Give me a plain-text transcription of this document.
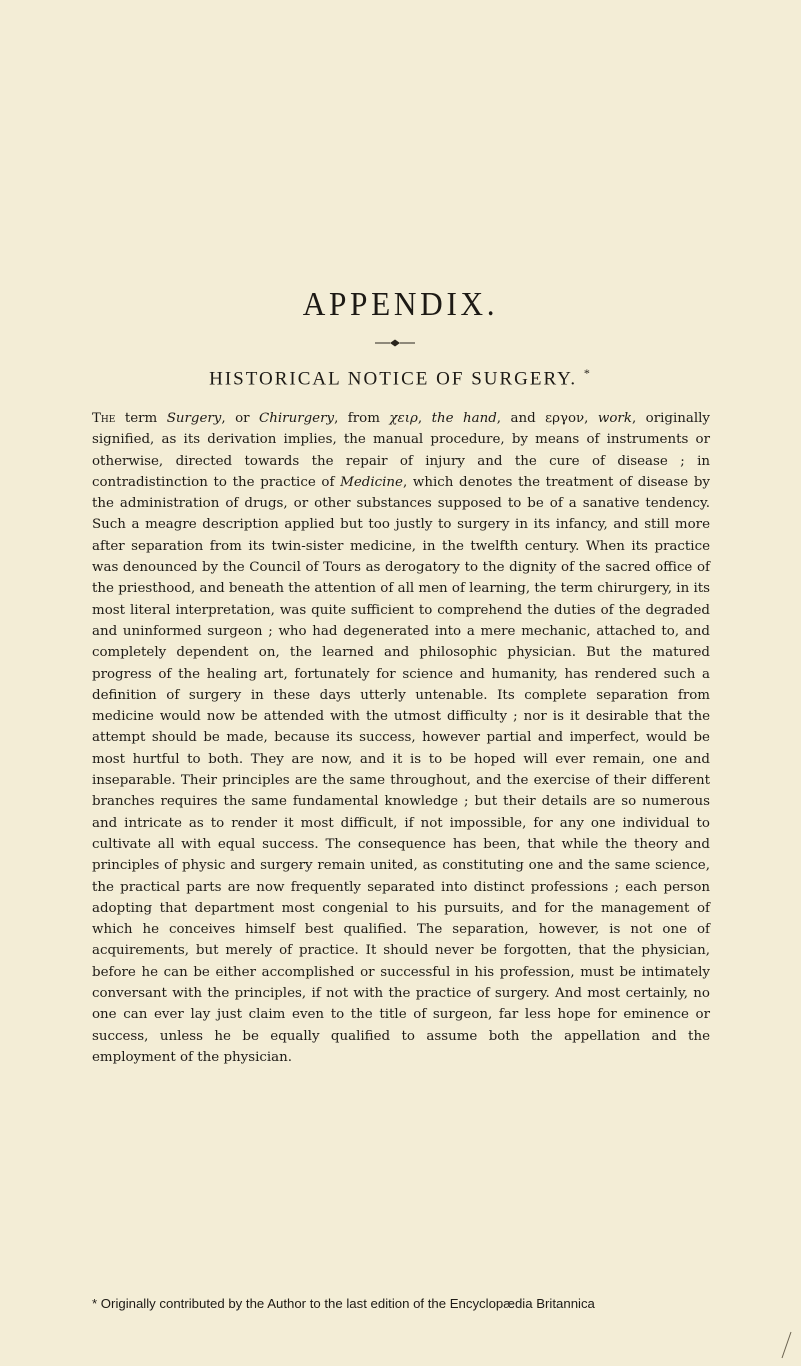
APPENDIX.
HISTORICAL NOTICE OF SURGERY. *

The term Surgery, or Chirurgery, from χειρ, the hand, and εργον, work, originally signified, as its derivation implies, the manual procedure, by means of instruments or otherwise, directed towards the repair of injury and the cure of disease ; in contradistinction to the practice of Medicine, which denotes the treatment of disease by the administration of drugs, or other substances supposed to be of a sanative tendency. Such a meagre description applied but too justly to surgery in its infancy, and still more after separation from its twin-sister medicine, in the twelfth century. When its practice was denounced by the Council of Tours as derogatory to the dignity of the sacred office of the priesthood, and beneath the attention of all men of learning, the term chirurgery, in its most literal interpretation, was quite sufficient to comprehend the duties of the degraded and uninformed surgeon ; who had degenerated into a mere mechanic, attached to, and completely dependent on, the learned and philosophic physician. But the matured progress of the healing art, fortunately for science and humanity, has rendered such a definition of surgery in these days utterly untenable. Its complete separation from medicine would now be attended with the utmost difficulty ; nor is it desirable that the attempt should be made, because its success, however partial and imperfect, would be most hurtful to both. They are now, and it is to be hoped will ever remain, one and inseparable. Their principles are the same throughout, and the exercise of their different branches requires the same fundamental knowledge ; but their details are so numerous and intricate as to render it most difficult, if not impossible, for any one individual to cultivate all with equal success. The consequence has been, that while the theory and principles of physic and surgery remain united, as constituting one and the same science, the practical parts are now frequently separated into distinct professions ; each person adopting that department most congenial to his pursuits, and for the management of which he conceives himself best qualified. The separation, however, is not one of acquirements, but merely of practice. It should never be forgotten, that the physician, before he can be either accomplished or successful in his profession, must be intimately conversant with the principles, if not with the practice of surgery. And most certainly, no one can ever lay just claim even to the title of surgeon, far less hope for eminence or success, unless he be equally qualified to assume both the appellation and the employment of the physician.

* Originally contributed by the Author to the last edition of the Encyclopædia Britannica
